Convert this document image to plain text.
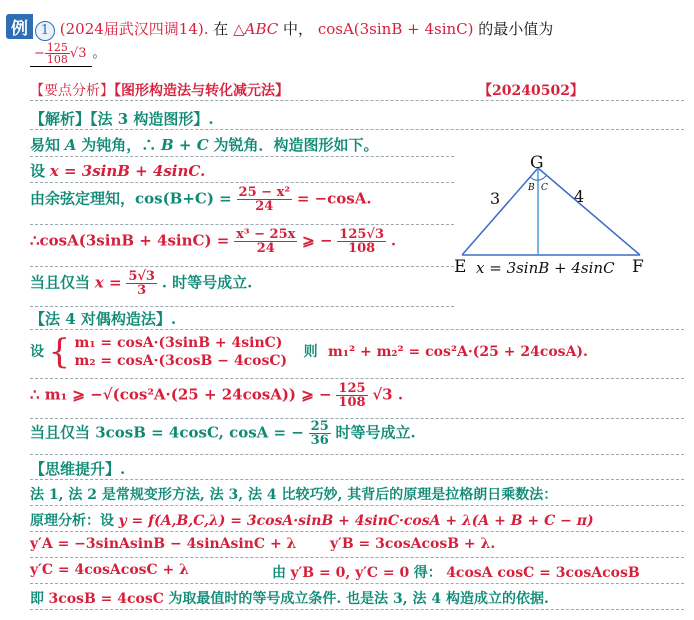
例 1 (2024届武汉四调14). 在 △ABC 中， cosA(3sinB + 4sinC) 的最小值为
− $\frac{125}{108} √3$ 。
【要点分析】【图形构造法与转化减元法】	【20240502】
【解析】【法 3 构造图形】.
易知 A 为钝角，∴ B + C 为锐角．构造图形如下。
设 x = 3sinB + 4sinC.
由余弦定理知，$\cos(B+C) = \frac{\text{25 − x²}}{24} = -\cos A$.
∴cosA(3sinB + $4\sin C) = \frac{\text{x³ − 25x}}{24}$ ⩾ − $\frac{125√3}{108}$ .
当且仅当 $x = \frac{5√3}{3}$ . 时等号成立.
G
E	F
3	4
B C
x = 3sinB + 4sinC
【法 4 对偶构造法】.
设 { m₁ = cosA·(3sinB + 4sinC)
m₂ = cosA·(3cosB − 4cosC)
则 m₁² + m₂² = cos²A·(25 + 24cosA).
∴ m₁ ⩾ −√(cos²A·(25 + 24cosA)) ⩾ − $\frac{125}{108} √3$ .
当且仅当 3cosB = 4cosC, cosA = − $\frac{25}{36}$ 时等号成立.
【思维提升】.
法 1, 法 2 是常规变形方法, 法 3, 法 4 比较巧妙, 其背后的原理是拉格朗日乘数法：
原理分析：设 y = f(A,B,C,λ) = 3cosA·sinB + 4sinC·cosA + λ(A + B + C − π)
y′A = −3sinAsinB − 4sinAsinC + λ y′B = 3cosAcosB + λ.
y′C = 4cosAcosC + λ	由 y′B = 0, y′C = 0 得： 4cosA cosC = 3cosAcosB
即 3cosB = 4cosC 为取最值时的等号成立条件. 也是法 3, 法 4 构造成立的依据.
